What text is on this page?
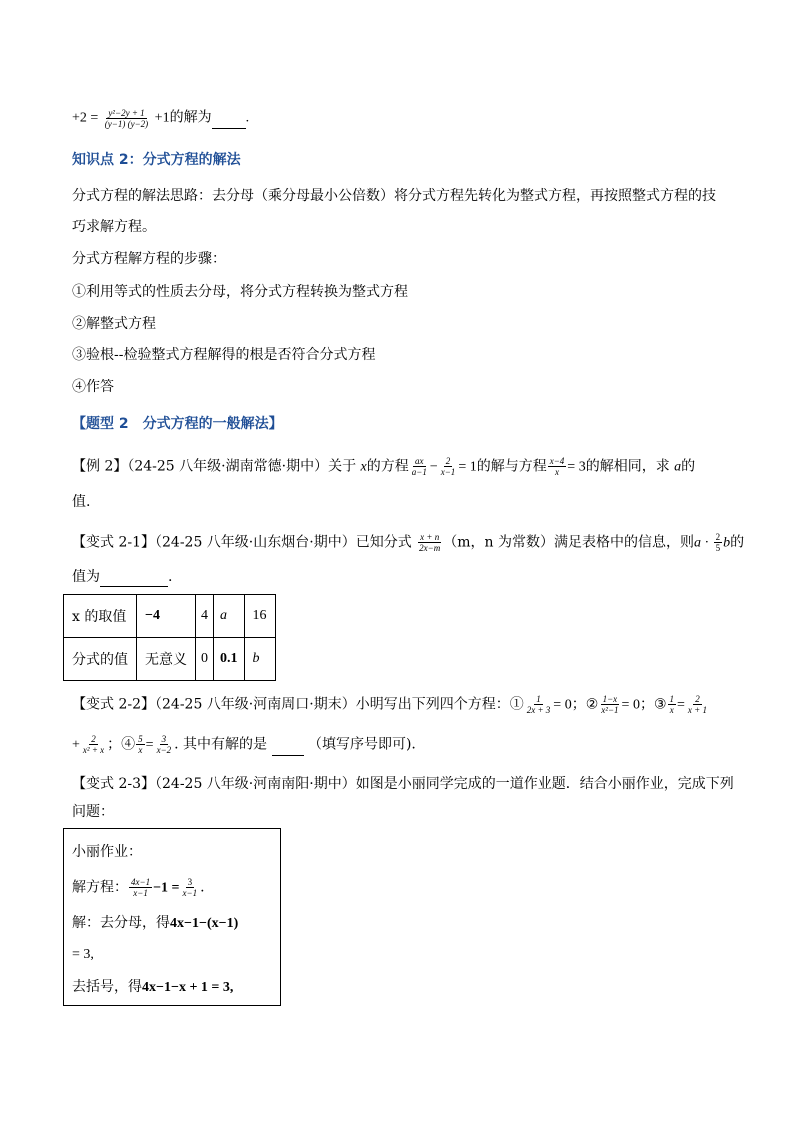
$+2 = \frac{\text{y²−2y + 1}}{(y-1) (y-2)} +1$的解为 .
知识点 2：分式方程的解法
分式方程的解法思路：去分母（乘分母最小公倍数）将分式方程先转化为整式方程，再按照整式方程的技
巧求解方程。
分式方程解方程的步骤：
①利用等式的性质去分母，将分式方程转换为整式方程
②解整式方程
③验根--检验整式方程解得的根是否符合分式方程
④作答
【题型 2　分式方程的一般解法】
【例 2】（24-25 八年级·湖南常德·期中）关于 x的方程 $\frac{ax}{a-1} - \frac{2}{x-1} = 1$的解与方程 $\frac{x-4}{x} = 3$的解相同，求 a的
值.
【变式 2-1】（24-25 八年级·山东烟台·期中）已知分式 $\frac{x + n}{2x-m} (m$，n 为常数）满足表格中的信息，则$a \cdot \frac{2}{5}$ b的
值为	.
x 的取值	−4	4	a	16
分式的值	无意义	0	0.1	b
【变式 2-2】（24-25 八年级·河南周口·期末）小明写出下列四个方程：① $\frac{1}{2x + 3} = 0$；② $\frac{1-x}{\text{x²−1}} = 0$；③ $\frac{1}{x} = \frac{2}{x + 1}$
+ $\frac{2}{\text{x² + x}}$ ；④ $\frac{5}{x} = \frac{3}{x-2}$ . 其中有解的是	（填写序号即可).
【变式 2-3】（24-25 八年级·河南南阳·期中）如图是小丽同学完成的一道作业题．结合小丽作业，完成下列
问题：
小丽作业：
解方程： $\frac{4x-1}{x-1} -1 = \frac{3}{x-1}$ .
解：去分母，得4x−1−(x−1)
= 3,
去括号，得4x−1−x + 1 = 3,
